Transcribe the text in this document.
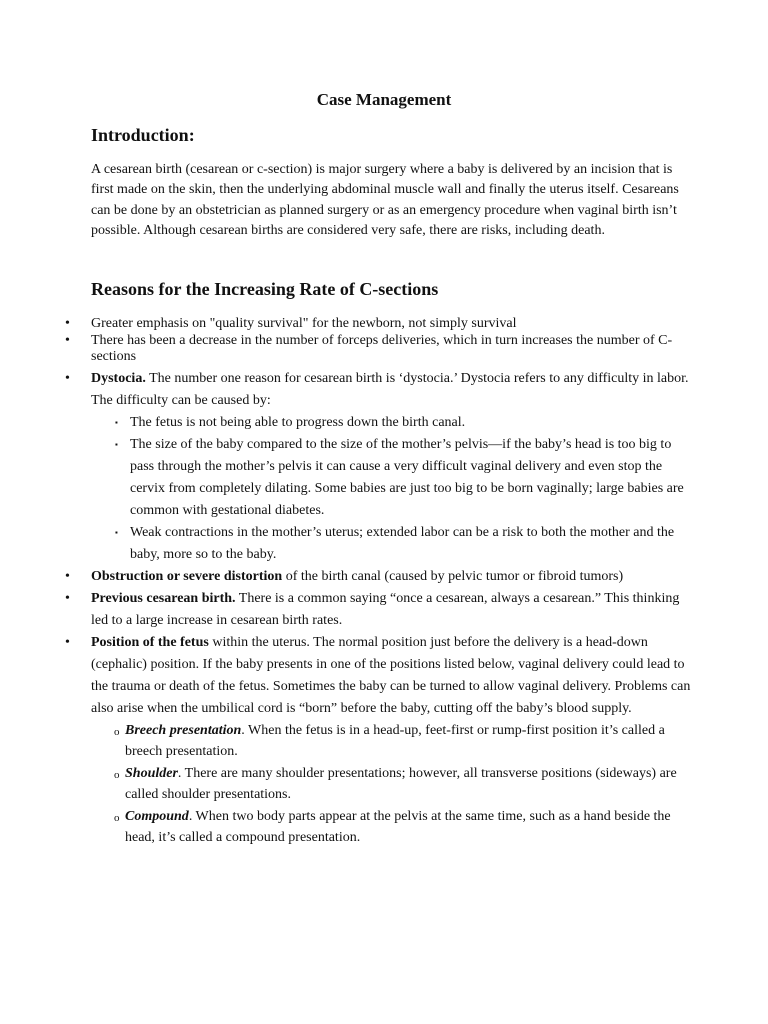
Case Management
Introduction:
A cesarean birth (cesarean or c-section) is major surgery where a baby is delivered by an incision that is first made on the skin, then the underlying abdominal muscle wall and finally the uterus itself. Cesareans can be done by an obstetrician as planned surgery or as an emergency procedure when vaginal birth isn’t possible. Although cesarean births are considered very safe, there are risks, including death.
Reasons for the Increasing Rate of C-sections
• Greater emphasis on "quality survival" for the newborn, not simply survival
• There has been a decrease in the number of forceps deliveries, which in turn increases the number of C-sections
• Dystocia. The number one reason for cesarean birth is ‘dystocia.’ Dystocia refers to any difficulty in labor. The difficulty can be caused by:
▪ The fetus is not being able to progress down the birth canal.
▪ The size of the baby compared to the size of the mother’s pelvis—if the baby’s head is too big to pass through the mother’s pelvis it can cause a very difficult vaginal delivery and even stop the cervix from completely dilating. Some babies are just too big to be born vaginally; large babies are common with gestational diabetes.
▪ Weak contractions in the mother’s uterus; extended labor can be a risk to both the mother and the baby, more so to the baby.
• Obstruction or severe distortion of the birth canal (caused by pelvic tumor or fibroid tumors)
• Previous cesarean birth. There is a common saying “once a cesarean, always a cesarean.” This thinking led to a large increase in cesarean birth rates.
• Position of the fetus within the uterus. The normal position just before the delivery is a head-down (cephalic) position. If the baby presents in one of the positions listed below, vaginal delivery could lead to the trauma or death of the fetus. Sometimes the baby can be turned to allow vaginal delivery. Problems can also arise when the umbilical cord is “born” before the baby, cutting off the baby’s blood supply.
o Breech presentation. When the fetus is in a head-up, feet-first or rump-first position it’s called a breech presentation.
o Shoulder. There are many shoulder presentations; however, all transverse positions (sideways) are called shoulder presentations.
o Compound. When two body parts appear at the pelvis at the same time, such as a hand beside the head, it’s called a compound presentation.
